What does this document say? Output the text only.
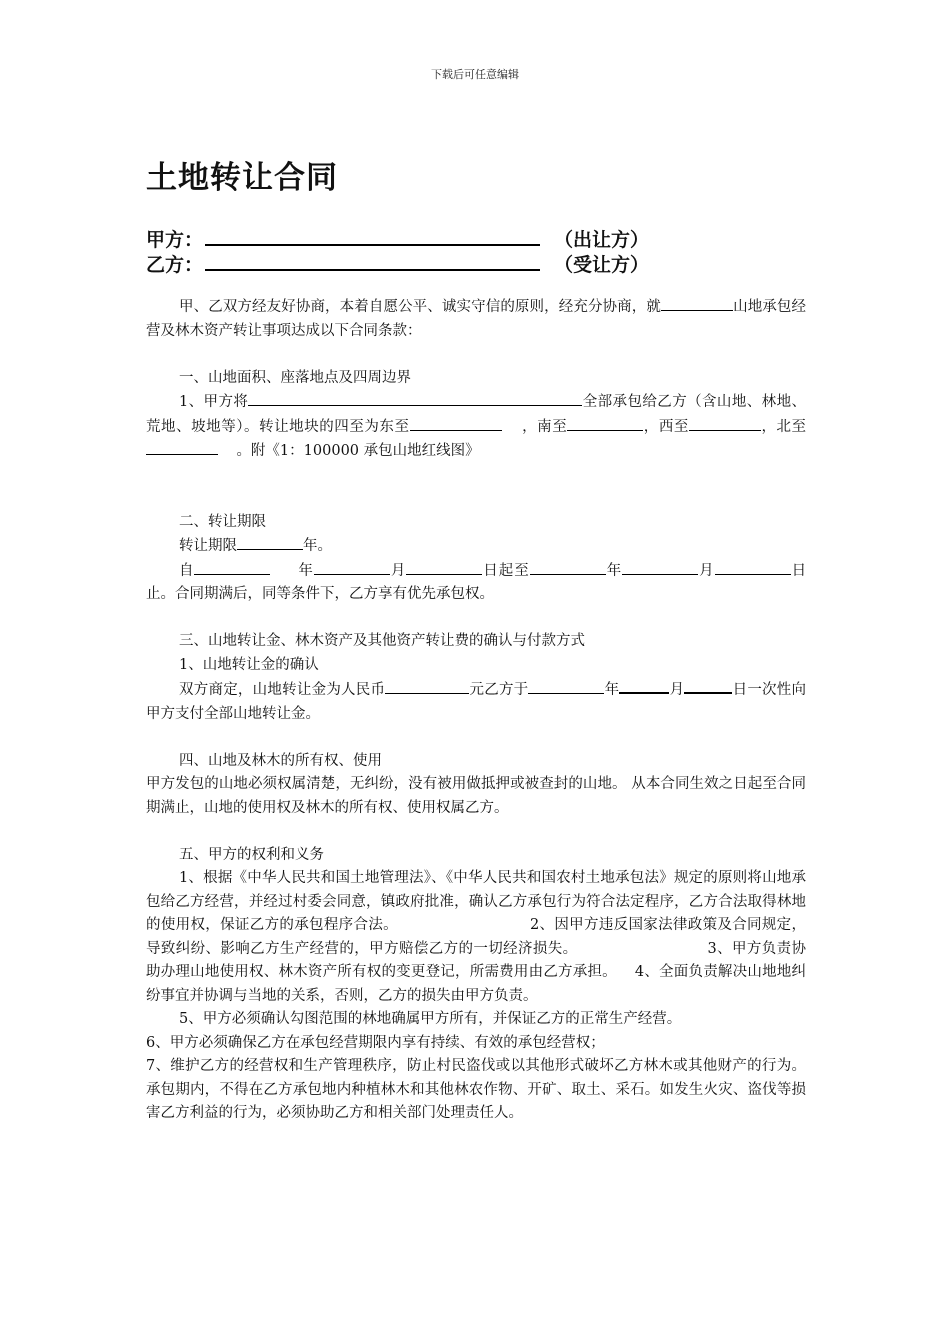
下载后可任意编辑
土地转让合同
甲方：	（出让方）
乙方：	（受让方）

甲、乙双方经友好协商，本着自愿公平、诚实守信的原则，经充分协商，就	山地承包经营及林木资产转让事项达成以下合同条款：

一、山地面积、座落地点及四周边界

1、甲方将	全部承包给乙方（含山地、林地、荒地、坡地等）。转让地块的四至为东至	，南至	，西至	，北至    。附《1：100000 承包山地红线图》

二、转让期限

转让期限	年。

自	年	月	日起至	年	月	日止。合同期满后，同等条件下，乙方享有优先承包权。

三、山地转让金、林木资产及其他资产转让费的确认与付款方式

1、山地转让金的确认

双方商定，山地转让金为人民币	元乙方于	年	月	日一次性向甲方支付全部山地转让金。

四、山地及林木的所有权、使用

甲方发包的山地必须权属清楚，无纠纷，没有被用做抵押或被查封的山地。 从本合同生效之日起至合同期满止，山地的使用权及林木的所有权、使用权属乙方。

五、甲方的权利和义务

1、根据《中华人民共和国土地管理法》、《中华人民共和国农村土地承包法》规定的原则将山地承包给乙方经营，并经过村委会同意，镇政府批准，确认乙方承包行为符合法定程序，乙方合法取得林地的使用权，保证乙方的承包程序合法。	2、因甲方违反国家法律政策及合同规定，导致纠纷、影响乙方生产经营的，甲方赔偿乙方的一切经济损失。	3、甲方负责协助办理山地使用权、林木资产所有权的变更登记，所需费用由乙方承担。 4、全面负责解决山地地纠纷事宜并协调与当地的关系，否则，乙方的损失由甲方负责。

5、甲方必须确认勾图范围的林地确属甲方所有，并保证乙方的正常生产经营。

6、甲方必须确保乙方在承包经营期限内享有持续、有效的承包经营权；

7、维护乙方的经营权和生产管理秩序，防止村民盗伐或以其他形式破坏乙方林木或其他财产的行为。承包期内，不得在乙方承包地内种植林木和其他林农作物、开矿、取土、采石。如发生火灾、盗伐等损害乙方利益的行为，必须协助乙方和相关部门处理责任人。
